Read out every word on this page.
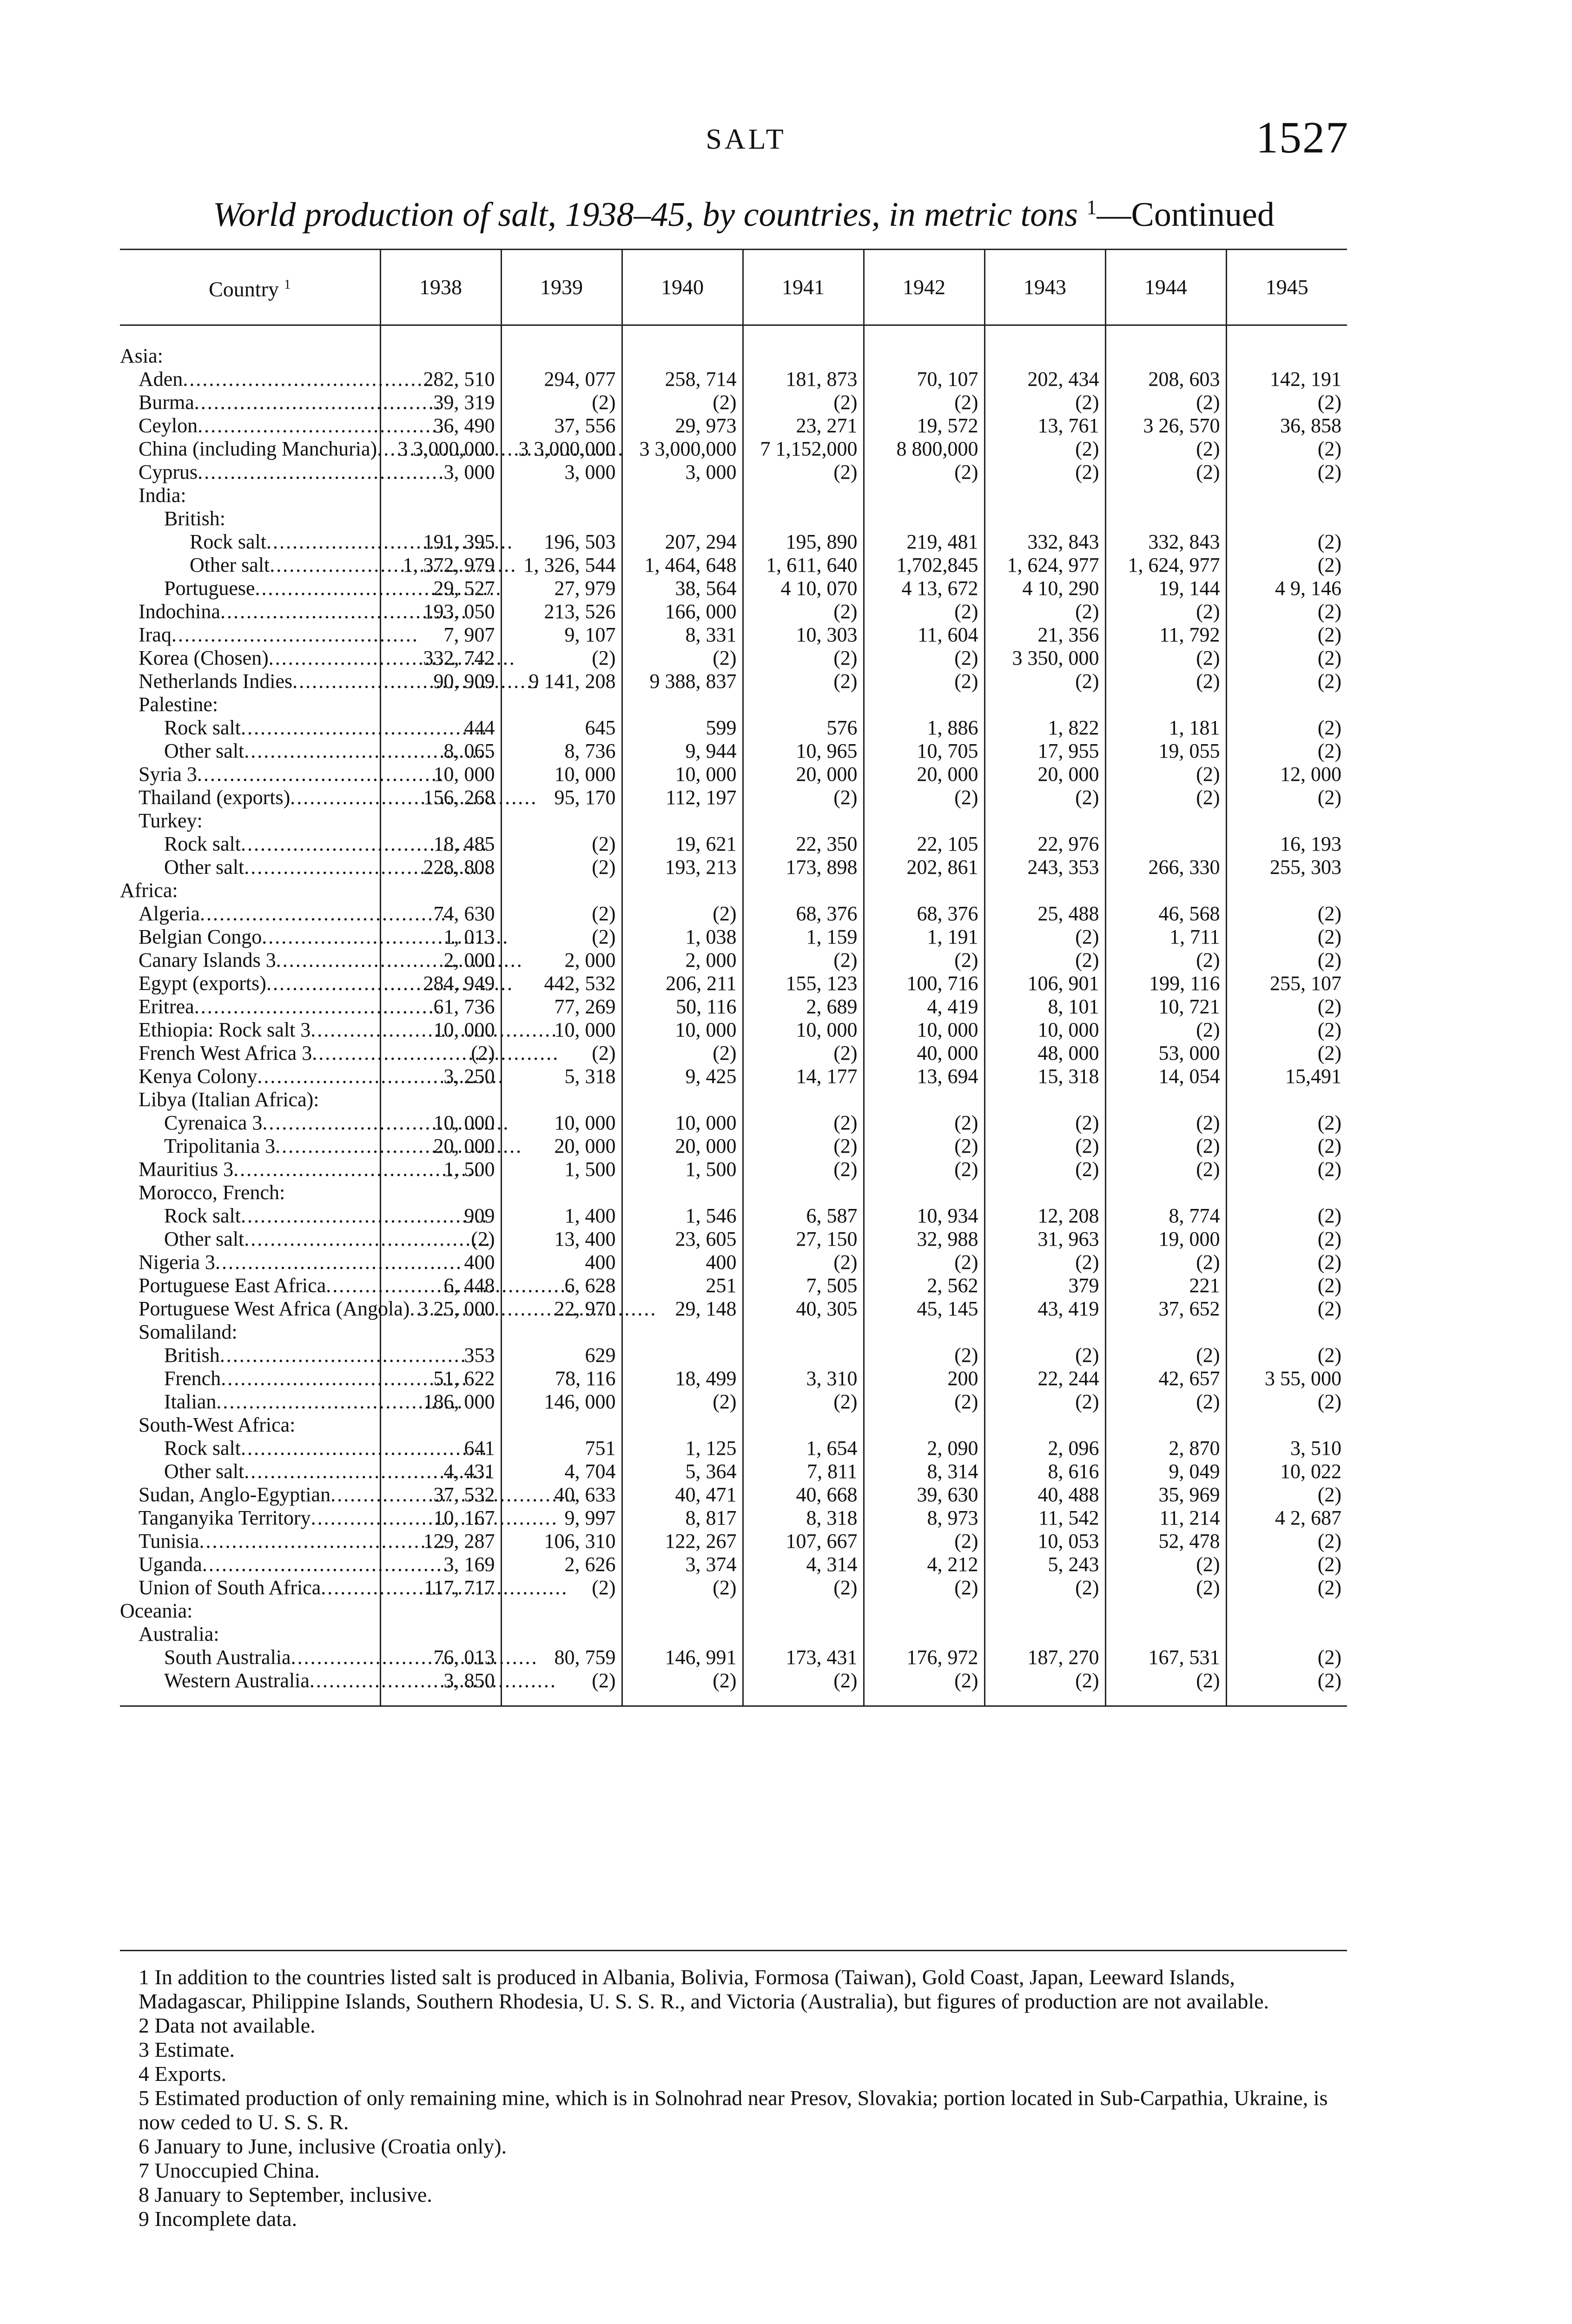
SALT	1527
World production of salt, 1938–45, by countries, in metric tons $^1$—Continued
Country $^1$	1938	1939	1940	1941	1942	1943	1944	1945

Asia:								

Aden .....	282, 510	294, 077	258, 714	181, 873	70, 107	202, 434	208, 603	142, 191

Burma .....	39, 319	(2)	(2)	(2)	(2)	(2)	(2)	(2)

Ceylon .....	36, 490	37, 556	29, 973	23, 271	19, 572	13, 761	3 26, 570	36, 858

China (including Manchuria) .....	3 3,000,000	3 3,000,000	3 3,000,000	7 1,152,000	8 800,000	(2)	(2)	(2)

Cyprus .....	3, 000	3, 000	3, 000	(2)	(2)	(2)	(2)	(2)

India:								

British:								

Rock salt .....	191, 395	196, 503	207, 294	195, 890	219, 481	332, 843	332, 843	(2)

Other salt .....	1, 372, 979	1, 326, 544	1, 464, 648	1, 611, 640	1,702,845	1, 624, 977	1, 624, 977	(2)

Portuguese .....	29, 527	27, 979	38, 564	4 10, 070	4 13, 672	4 10, 290	19, 144	4 9, 146

Indochina .....	193, 050	213, 526	166, 000	(2)	(2)	(2)	(2)	(2)

Iraq .....	7, 907	9, 107	8, 331	10, 303	11, 604	21, 356	11, 792	(2)

Korea (Chosen) .....	332, 742	(2)	(2)	(2)	(2)	3 350, 000	(2)	(2)

Netherlands Indies .....	90, 909	9 141, 208	9 388, 837	(2)	(2)	(2)	(2)	(2)

Palestine:								

Rock salt .....	444	645	599	576	1, 886	1, 822	1, 181	(2)

Other salt .....	8, 065	8, 736	9, 944	10, 965	10, 705	17, 955	19, 055	(2)

Syria 3 .....	10, 000	10, 000	10, 000	20, 000	20, 000	20, 000	(2)	12, 000

Thailand (exports) .....	156, 268	95, 170	112, 197	(2)	(2)	(2)	(2)	(2)

Turkey:								

Rock salt .....	18, 485	(2)	19, 621	22, 350	22, 105	22, 976		16, 193

Other salt .....	228, 808	(2)	193, 213	173, 898	202, 861	243, 353	266, 330	255, 303

Africa:								

Algeria .....	74, 630	(2)	(2)	68, 376	68, 376	25, 488	46, 568	(2)

Belgian Congo .....	1, 013	(2)	1, 038	1, 159	1, 191	(2)	1, 711	(2)

Canary Islands 3 .....	2, 000	2, 000	2, 000	(2)	(2)	(2)	(2)	(2)

Egypt (exports) .....	284, 949	442, 532	206, 211	155, 123	100, 716	106, 901	199, 116	255, 107

Eritrea .....	61, 736	77, 269	50, 116	2, 689	4, 419	8, 101	10, 721	(2)

Ethiopia: Rock salt 3 .....	10, 000	10, 000	10, 000	10, 000	10, 000	10, 000	(2)	(2)

French West Africa 3 .....	(2)	(2)	(2)	(2)	40, 000	48, 000	53, 000	(2)

Kenya Colony .....	3, 250	5, 318	9, 425	14, 177	13, 694	15, 318	14, 054	15,491

Libya (Italian Africa):								

Cyrenaica 3 .....	10, 000	10, 000	10, 000	(2)	(2)	(2)	(2)	(2)

Tripolitania 3 .....	20, 000	20, 000	20, 000	(2)	(2)	(2)	(2)	(2)

Mauritius 3 .....	1, 500	1, 500	1, 500	(2)	(2)	(2)	(2)	(2)

Morocco, French:								

Rock salt .....	909	1, 400	1, 546	6, 587	10, 934	12, 208	8, 774	(2)

Other salt .....	(2)	13, 400	23, 605	27, 150	32, 988	31, 963	19, 000	(2)

Nigeria 3 .....	400	400	400	(2)	(2)	(2)	(2)	(2)

Portuguese East Africa .....	6, 448	6, 628	251	7, 505	2, 562	379	221	(2)

Portuguese West Africa (Angola) .....	3 25, 000	22, 970	29, 148	40, 305	45, 145	43, 419	37, 652	(2)

Somaliland:								

British .....	353	629			(2)	(2)	(2)	(2)

French .....	51, 622	78, 116	18, 499	3, 310	200	22, 244	42, 657	3 55, 000

Italian .....	186, 000	146, 000	(2)	(2)	(2)	(2)	(2)	(2)

South-West Africa:								

Rock salt .....	641	751	1, 125	1, 654	2, 090	2, 096	2, 870	3, 510

Other salt .....	4, 431	4, 704	5, 364	7, 811	8, 314	8, 616	9, 049	10, 022

Sudan, Anglo-Egyptian .....	37, 532	40, 633	40, 471	40, 668	39, 630	40, 488	35, 969	(2)

Tanganyika Territory .....	10, 167	9, 997	8, 817	8, 318	8, 973	11, 542	11, 214	4 2, 687

Tunisia .....	129, 287	106, 310	122, 267	107, 667	(2)	10, 053	52, 478	(2)

Uganda .....	3, 169	2, 626	3, 374	4, 314	4, 212	5, 243	(2)	(2)

Union of South Africa .....	117, 717	(2)	(2)	(2)	(2)	(2)	(2)	(2)

Oceania:								

Australia:								

South Australia .....	76, 013	80, 759	146, 991	173, 431	176, 972	187, 270	167, 531	(2)

Western Australia .....	3, 850	(2)	(2)	(2)	(2)	(2)	(2)	(2)

1 In addition to the countries listed salt is produced in Albania, Bolivia, Formosa (Taiwan), Gold Coast, Japan, Leeward Islands, Madagascar, Philippine Islands, Southern Rhodesia, U. S. S. R., and Victoria (Australia), but figures of production are not available.

2 Data not available.

3 Estimate.

4 Exports.

5 Estimated production of only remaining mine, which is in Solnohrad near Presov, Slovakia; portion located in Sub-Carpathia, Ukraine, is now ceded to U. S. S. R.

6 January to June, inclusive (Croatia only).

7 Unoccupied China.

8 January to September, inclusive.

9 Incomplete data.
